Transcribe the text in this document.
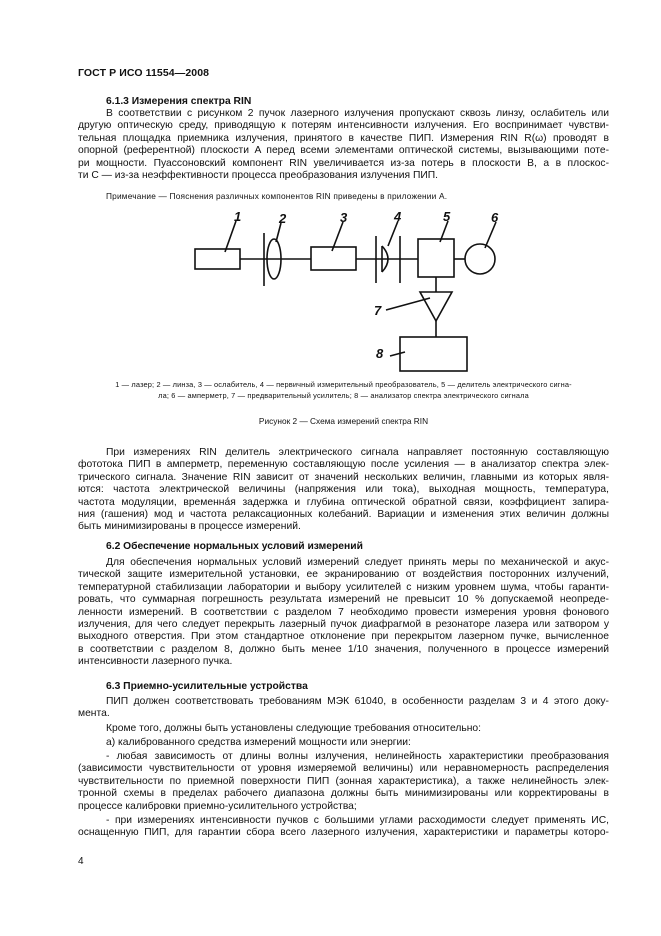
ГОСТ Р ИСО 11554—2008
6.1.3 Измерения спектра RIN
В соответствии с рисунком 2 пучок лазерного излучения пропускают сквозь линзу, ослабитель или
другую оптическую среду, приводящую к потерям интенсивности излучения. Его воспринимает чувстви-
тельная площадка приемника излучения, принятого в качестве ПИП. Измерения RIN R(ω) проводят в
опорной (референтной) плоскости A перед всеми элементами оптической системы, вызывающими поте-
ри мощности. Пуассоновский компонент RIN увеличивается из-за потерь в плоскости B, а в плоскос-
ти C — из-за неэффективности процесса преобразования излучения ПИП.
Примечание — Пояснения различных компонентов RIN приведены в приложении А.
1	2	3	4	5	6
7
8
1 — лазер; 2 — линза, 3 — ослабитель, 4 — первичный измерительный преобразователь, 5 — делитель электрического сигна-
ла; 6 — амперметр, 7 — предварительный усилитель; 8 — анализатор спектра электрического сигнала
Рисунок 2 — Схема измерений спектра RIN
При измерениях RIN делитель электрического сигнала направляет постоянную составляющую
фототока ПИП в амперметр, переменную составляющую после усиления — в анализатор спектра элек-
трического сигнала. Значение RIN зависит от значений нескольких величин, главными из которых явля-
ются: частота электрической величины (напряжения или тока), выходная мощность, температура,
частота модуляции, временна́я задержка и глубина оптической обратной связи, коэффициент запира-
ния (гашения) мод и частота релаксационных колебаний. Вариации и изменения этих величин должны
быть минимизированы в процессе измерений.
6.2 Обеспечение нормальных условий измерений
Для обеспечения нормальных условий измерений следует принять меры по механической и акус-
тической защите измерительной установки, ее экранированию от воздействия посторонних излучений,
температурной стабилизации лаборатории и выбору усилителей с низким уровнем шума, чтобы гаранти-
ровать, что суммарная погрешность результата измерений не превысит 10 % допускаемой неопреде-
ленности измерений. В соответствии с разделом 7 необходимо провести измерения уровня фонового
излучения, для чего следует перекрыть лазерный пучок диафрагмой в резонаторе лазера или затвором у
выходного отверстия. При этом стандартное отклонение при перекрытом лазерном пучке, вычисленное
в соответствии с разделом 8, должно быть менее 1/10 значения, полученного в процессе измерений
интенсивности лазерного пучка.
6.3 Приемно-усилительные устройства
ПИП должен соответствовать требованиям МЭК 61040, в особенности разделам 3 и 4 этого доку-
мента.
Кроме того, должны быть установлены следующие требования относительно:
а) калиброванного средства измерений мощности или энергии:
- любая зависимость от длины волны излучения, нелинейность характеристики преобразования
(зависимости чувствительности от уровня измеряемой величины) или неравномерность распределения
чувствительности по приемной поверхности ПИП (зонная характеристика), а также нелинейность элек-
тронной схемы в пределах рабочего диапазона должны быть минимизированы или корректированы в
процессе калибровки приемно-усилительного устройства;
- при измерениях интенсивности пучков с большими углами расходимости следует применять ИС,
оснащенную ПИП, для гарантии сбора всего лазерного излучения, характеристики и параметры которо-
4
